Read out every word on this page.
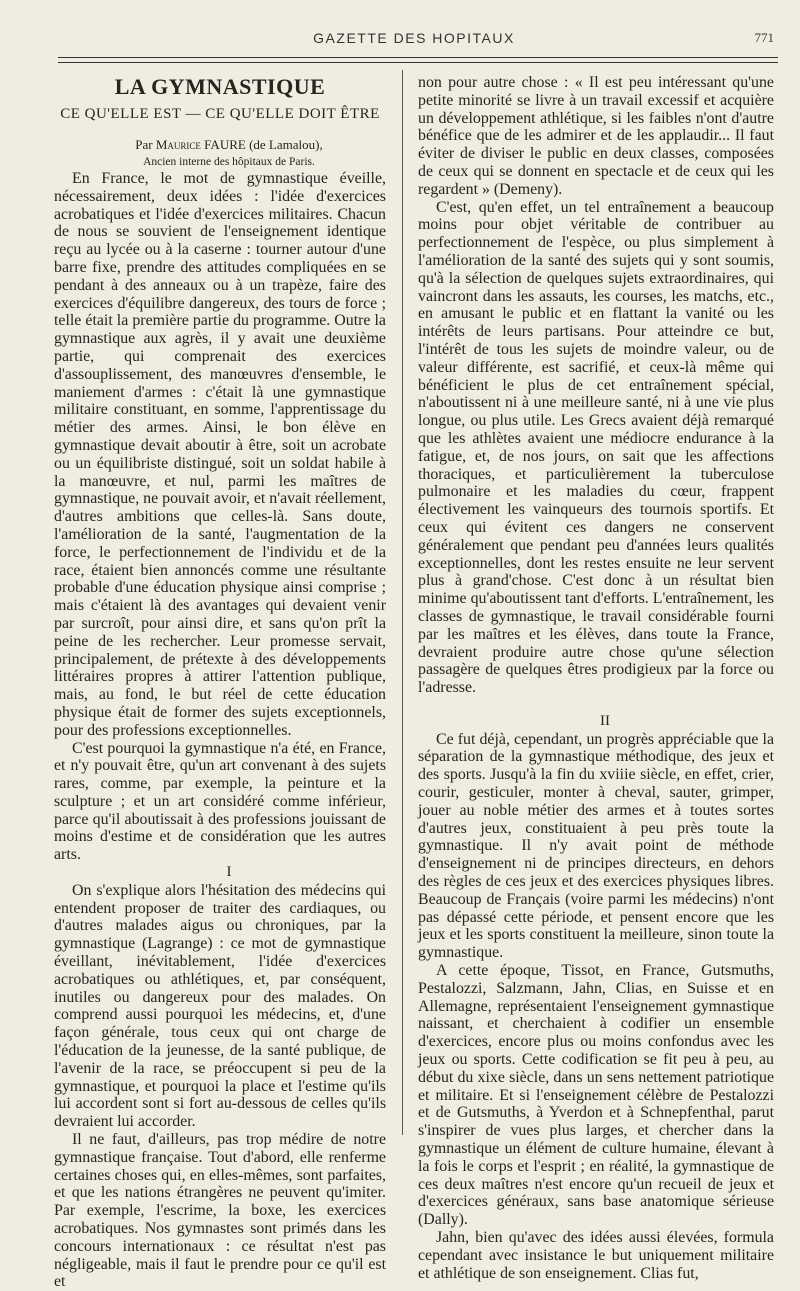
GAZETTE DES HOPITAUX	771
LA GYMNASTIQUE
CE QU'ELLE EST — CE QU'ELLE DOIT ÊTRE

Par Maurice FAURE (de Lamalou),

Ancien interne des hôpitaux de Paris.

En France, le mot de gymnastique éveille, nécessairement, deux idées : l'idée d'exercices acrobatiques et l'idée d'exercices militaires. Chacun de nous se souvient de l'enseignement identique reçu au lycée ou à la caserne : tourner autour d'une barre fixe, prendre des attitudes compliquées en se pendant à des anneaux ou à un trapèze, faire des exercices d'équilibre dangereux, des tours de force ; telle était la première partie du programme. Outre la gymnastique aux agrès, il y avait une deuxième partie, qui comprenait des exercices d'assouplissement, des manœuvres d'ensemble, le maniement d'armes : c'était là une gymnastique militaire constituant, en somme, l'apprentissage du métier des armes. Ainsi, le bon élève en gymnastique devait aboutir à être, soit un acrobate ou un équilibriste distingué, soit un soldat habile à la manœuvre, et nul, parmi les maîtres de gymnastique, ne pouvait avoir, et n'avait réellement, d'autres ambitions que celles-là. Sans doute, l'amélioration de la santé, l'augmentation de la force, le perfectionnement de l'individu et de la race, étaient bien annoncés comme une résultante probable d'une éducation physique ainsi comprise ; mais c'étaient là des avantages qui devaient venir par surcroît, pour ainsi dire, et sans qu'on prît la peine de les rechercher. Leur promesse servait, principalement, de prétexte à des développements littéraires propres à attirer l'attention publique, mais, au fond, le but réel de cette éducation physique était de former des sujets exceptionnels, pour des professions exceptionnelles.

C'est pourquoi la gymnastique n'a été, en France, et n'y pouvait être, qu'un art convenant à des sujets rares, comme, par exemple, la peinture et la sculpture ; et un art considéré comme inférieur, parce qu'il aboutissait à des professions jouissant de moins d'estime et de considération que les autres arts.

I

On s'explique alors l'hésitation des médecins qui entendent proposer de traiter des cardiaques, ou d'autres malades aigus ou chroniques, par la gymnastique (Lagrange) : ce mot de gymnastique éveillant, inévitablement, l'idée d'exercices acrobatiques ou athlétiques, et, par conséquent, inutiles ou dangereux pour des malades. On comprend aussi pourquoi les médecins, et, d'une façon générale, tous ceux qui ont charge de l'éducation de la jeunesse, de la santé publique, de l'avenir de la race, se préoccupent si peu de la gymnastique, et pourquoi la place et l'estime qu'ils lui accordent sont si fort au-dessous de celles qu'ils devraient lui accorder.

Il ne faut, d'ailleurs, pas trop médire de notre gymnastique française. Tout d'abord, elle renferme certaines choses qui, en elles-mêmes, sont parfaites, et que les nations étrangères ne peuvent qu'imiter. Par exemple, l'escrime, la boxe, les exercices acrobatiques. Nos gymnastes sont primés dans les concours internationaux : ce résultat n'est pas négligeable, mais il faut le prendre pour ce qu'il est et

non pour autre chose : « Il est peu intéressant qu'une petite minorité se livre à un travail excessif et acquière un développement athlétique, si les faibles n'ont d'autre bénéfice que de les admirer et de les applaudir... Il faut éviter de diviser le public en deux classes, composées de ceux qui se donnent en spectacle et de ceux qui les regardent » (Demeny).

C'est, qu'en effet, un tel entraînement a beaucoup moins pour objet véritable de contribuer au perfectionnement de l'espèce, ou plus simplement à l'amélioration de la santé des sujets qui y sont soumis, qu'à la sélection de quelques sujets extraordinaires, qui vaincront dans les assauts, les courses, les matchs, etc., en amusant le public et en flattant la vanité ou les intérêts de leurs partisans. Pour atteindre ce but, l'intérêt de tous les sujets de moindre valeur, ou de valeur différente, est sacrifié, et ceux-là même qui bénéficient le plus de cet entraînement spécial, n'aboutissent ni à une meilleure santé, ni à une vie plus longue, ou plus utile. Les Grecs avaient déjà remarqué que les athlètes avaient une médiocre endurance à la fatigue, et, de nos jours, on sait que les affections thoraciques, et particulièrement la tuberculose pulmonaire et les maladies du cœur, frappent électivement les vainqueurs des tournois sportifs. Et ceux qui évitent ces dangers ne conservent généralement que pendant peu d'années leurs qualités exceptionnelles, dont les restes ensuite ne leur servent plus à grand'chose. C'est donc à un résultat bien minime qu'aboutissent tant d'efforts. L'entraînement, les classes de gymnastique, le travail considérable fourni par les maîtres et les élèves, dans toute la France, devraient produire autre chose qu'une sélection passagère de quelques êtres prodigieux par la force ou l'adresse.

II

Ce fut déjà, cependant, un progrès appréciable que la séparation de la gymnastique méthodique, des jeux et des sports. Jusqu'à la fin du xviiie siècle, en effet, crier, courir, gesticuler, monter à cheval, sauter, grimper, jouer au noble métier des armes et à toutes sortes d'autres jeux, constituaient à peu près toute la gymnastique. Il n'y avait point de méthode d'enseignement ni de principes directeurs, en dehors des règles de ces jeux et des exercices physiques libres. Beaucoup de Français (voire parmi les médecins) n'ont pas dépassé cette période, et pensent encore que les jeux et les sports constituent la meilleure, sinon toute la gymnastique.

A cette époque, Tissot, en France, Gutsmuths, Pestalozzi, Salzmann, Jahn, Clias, en Suisse et en Allemagne, représentaient l'enseignement gymnastique naissant, et cherchaient à codifier un ensemble d'exercices, encore plus ou moins confondus avec les jeux ou sports. Cette codification se fit peu à peu, au début du xixe siècle, dans un sens nettement patriotique et militaire. Et si l'enseignement célèbre de Pestalozzi et de Gutsmuths, à Yverdon et à Schnepfenthal, parut s'inspirer de vues plus larges, et chercher dans la gymnastique un élément de culture humaine, élevant à la fois le corps et l'esprit ; en réalité, la gymnastique de ces deux maîtres n'est encore qu'un recueil de jeux et d'exercices généraux, sans base anatomique sérieuse (Dally).

Jahn, bien qu'avec des idées aussi élevées, formula cependant avec insistance le but uniquement militaire et athlétique de son enseignement. Clias fut,
